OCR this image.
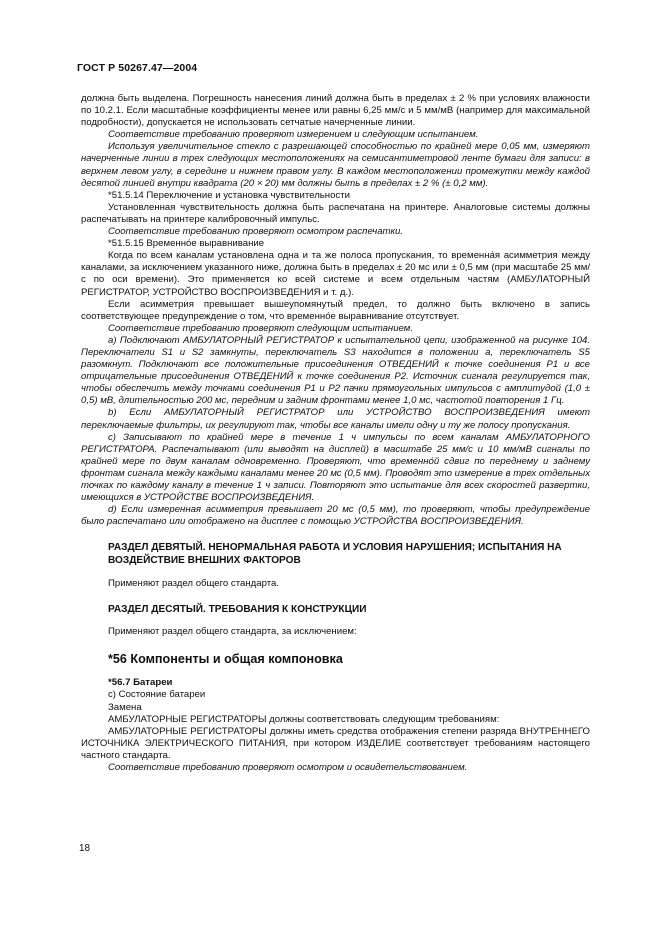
ГОСТ Р 50267.47—2004

должна быть выделена. Погрешность нанесения линий должна быть в пределах ± 2 % при условиях влажности по 10.2.1. Если масштабные коэффициенты менее или равны 6,25 мм/с и 5 мм/мВ (например для максимальной подробности), допускается не использовать сетчатые начерченные линии.

Соответствие требованию проверяют измерением и следующим испытанием.

Используя увеличительное стекло с разрешающей способностью по крайней мере 0,05 мм, измеряют начерченные линии в трех следующих местоположениях на семисантиметровой ленте бумаги для записи: в верхнем левом углу, в середине и нижнем правом углу. В каждом местоположении промежутки между каждой десятой линией внутри квадрата (20 × 20) мм должны быть в пределах ± 2 % (± 0,2 мм).

*51.5.14 Переключение и установка чувствительности

Установленная чувствительность должна быть распечатана на принтере. Аналоговые системы должны распечатывать на принтере калибровочный импульс.

Соответствие требованию проверяют осмотром распечатки.

*51.5.15 Временно́е выравнивание

Когда по всем каналам установлена одна и та же полоса пропускания, то временна́я асимметрия между каналами, за исключением указанного ниже, должна быть в пределах ± 20 мс или ± 0,5 мм (при масштабе 25 мм/с по оси времени). Это применяется ко всей системе и всем отдельным частям (АМБУЛАТОРНЫЙ РЕГИСТРАТОР, УСТРОЙСТВО ВОСПРОИЗВЕДЕНИЯ и т. д.).

Если асимметрия превышает вышеупомянутый предел, то должно быть включено в запись соответствующее предупреждение о том, что временно́е выравнивание отсутствует.

Соответствие требованию проверяют следующим испытанием.

а) Подключают АМБУЛАТОРНЫЙ РЕГИСТРАТОР к испытательной цепи, изображенной на рисунке 104. Переключатели S1 и S2 замкнуты, переключатель S3 находится в положении а, переключатель S5 разомкнут. Подключают все положительные присоединения ОТВЕДЕНИЙ к точке соединения P1 и все отрицательные присоединения ОТВЕДЕНИЙ к точке соединения P2. Источник сигнала регулируется так, чтобы обеспечить между точками соединения P1 и P2 пачки прямоугольных импульсов с амплитудой (1,0 ± 0,5) мВ, длительностью 200 мс, передним и задним фронтами менее 1,0 мс, частотой повторения 1 Гц.

b) Если АМБУЛАТОРНЫЙ РЕГИСТРАТОР или УСТРОЙСТВО ВОСПРОИЗВЕДЕНИЯ имеют переключаемые фильтры, их регулируют так, чтобы все каналы имели одну и ту же полосу пропускания.

с) Записывают по крайней мере в течение 1 ч импульсы по всем каналам АМБУЛАТОРНОГО РЕГИСТРАТОРА. Распечатывают (или выводят на дисплей) в масштабе 25 мм/с и 10 мм/мВ сигналы по крайней мере по двум каналам одновременно. Проверяют, что временно́й сдвиг по переднему и заднему фронтам сигнала между каждыми каналами менее 20 мс (0,5 мм). Проводят это измерение в трех отдельных точках по каждому каналу в течение 1 ч записи. Повторяют это испытание для всех скоростей развертки, имеющихся в УСТРОЙСТВЕ ВОСПРОИЗВЕДЕНИЯ.

d) Если измеренная асимметрия превышает 20 мс (0,5 мм), то проверяют, чтобы предупреждение было распечатано или отображено на дисплее с помощью УСТРОЙСТВА ВОСПРОИЗВЕДЕНИЯ.

РАЗДЕЛ ДЕВЯТЫЙ. НЕНОРМАЛЬНАЯ РАБОТА И УСЛОВИЯ НАРУШЕНИЯ; ИСПЫТАНИЯ НА ВОЗДЕЙСТВИЕ ВНЕШНИХ ФАКТОРОВ

Применяют раздел общего стандарта.

РАЗДЕЛ ДЕСЯТЫЙ. ТРЕБОВАНИЯ К КОНСТРУКЦИИ

Применяют раздел общего стандарта, за исключением:

*56 Компоненты и общая компоновка

*56.7 Батареи

с) Состояние батареи

Замена

АМБУЛАТОРНЫЕ РЕГИСТРАТОРЫ должны соответствовать следующим требованиям:

АМБУЛАТОРНЫЕ РЕГИСТРАТОРЫ должны иметь средства отображения степени разряда ВНУТРЕННЕГО ИСТОЧНИКА ЭЛЕКТРИЧЕСКОГО ПИТАНИЯ, при котором ИЗДЕЛИЕ соответствует требованиям настоящего частного стандарта.

Соответствие требованию проверяют осмотром и освидетельствованием.

18
